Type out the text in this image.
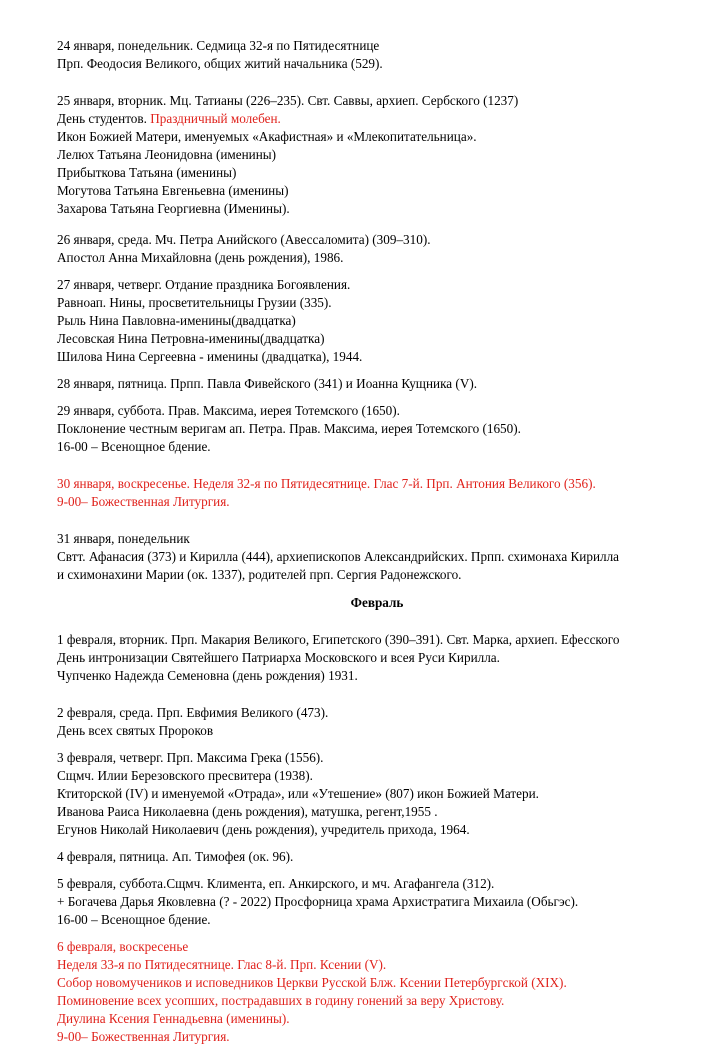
24 января, понедельник. Седмица 32-я по Пятидесятнице
Прп. Феодосия Великого, общих житий начальника (529).
25 января, вторник. Мц. Татианы (226–235). Свт. Саввы, архиеп. Сербского (1237)
День студентов. Праздничный молебен.
Икон Божией Матери, именуемых «Акафистная» и «Млекопитательница».
Лелюх Татьяна Леонидовна (именины)
Прибыткова Татьяна (именины)
Могутова Татьяна Евгеньевна (именины)
Захарова Татьяна Георгиевна (Именины).
26 января, среда. Мч. Петра Анийского (Авессаломита) (309–310).
Апостол Анна Михайловна (день рождения), 1986.
27 января, четверг. Отдание праздника Богоявления.
Равноап. Нины, просветительницы Грузии (335).
Рыль Нина Павловна-именины(двадцатка)
Лесовская Нина Петровна-именины(двадцатка)
Шилова Нина Сергеевна - именины (двадцатка), 1944.
28 января, пятница. Прпп. Павла Фивейского (341) и Иоанна Кущника (V).
29 января, суббота. Прав. Максима, иерея Тотемского (1650).
Поклонение честным веригам ап. Петра. Прав. Максима, иерея Тотемского (1650).
16-00 – Всенощное бдение.
30 января, воскресенье. Неделя 32-я по Пятидесятнице. Глас 7-й. Прп. Антония Великого (356).
9-00– Божественная Литургия.
31 января, понедельник
Свтт. Афанасия (373) и Кирилла (444), архиепископов Александрийских. Прпп. схимонаха Кирилла
и схимонахини Марии (ок. 1337), родителей прп. Сергия Радонежского.
Февраль
1 февраля, вторник. Прп. Макария Великого, Египетского (390–391). Свт. Марка, архиеп. Ефесского
День интронизации Святейшего Патриарха Московского и всея Руси Кирилла.
Чупченко Надежда Семеновна (день рождения) 1931.
2 февраля, среда. Прп. Евфимия Великого (473).
День всех святых Пророков
3 февраля, четверг. Прп. Максима Грека (1556).
Сщмч. Илии Березовского пресвитера (1938).
Ктиторской (IV) и именуемой «Отрада», или «Утешение» (807) икон Божией Матери.
Иванова Раиса Николаевна (день рождения), матушка, регент,1955 .
Егунов Николай Николаевич (день рождения), учредитель прихода, 1964.
4 февраля, пятница. Ап. Тимофея (ок. 96).
5 февраля, суббота.Сщмч. Климента, еп. Анкирского, и мч. Агафангела (312).
+ Богачева Дарья Яковлевна (? - 2022) Просфорница храма Архистратига Михаила (Обьгэс).
16-00 – Всенощное бдение.
6 февраля, воскресенье
Неделя 33-я по Пятидесятнице. Глас 8-й. Прп. Ксении (V).
Собор новомучеников и исповедников Церкви Русской Блж. Ксении Петербургской (XIX).
Поминовение всех усопших, пострадавших в годину гонений за веру Христову.
Диулина Ксения Геннадьевна (именины).
9-00– Божественная Литургия.
